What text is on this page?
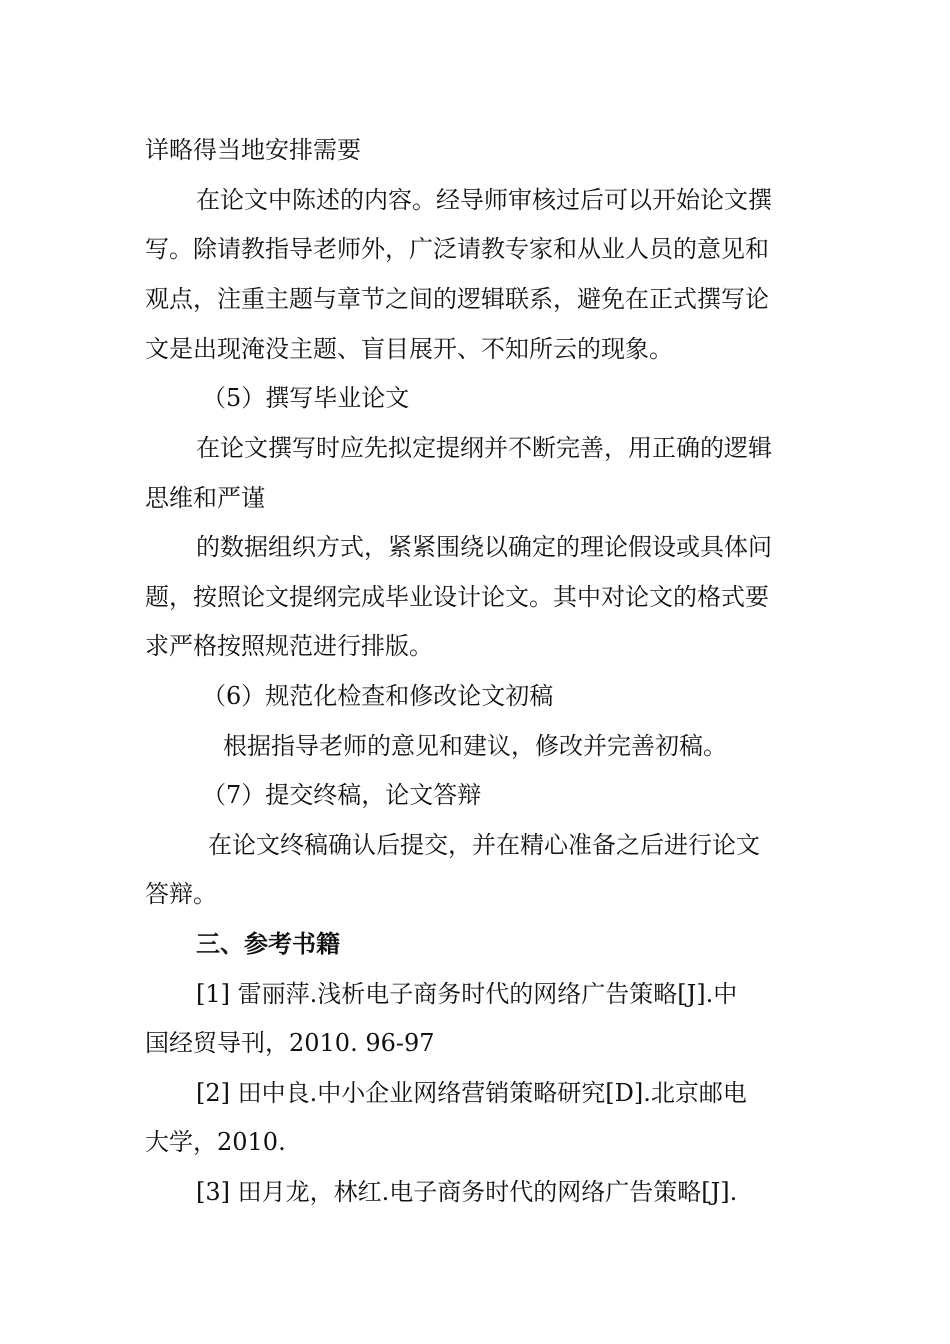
详略得当地安排需要

在论文中陈述的内容。经导师审核过后可以开始论文撰

写。除请教指导老师外，广泛请教专家和从业人员的意见和

观点，注重主题与章节之间的逻辑联系，避免在正式撰写论

文是出现淹没主题、盲目展开、不知所云的现象。

（5）撰写毕业论文

在论文撰写时应先拟定提纲并不断完善，用正确的逻辑

思维和严谨

的数据组织方式，紧紧围绕以确定的理论假设或具体问

题，按照论文提纲完成毕业设计论文。其中对论文的格式要

求严格按照规范进行排版。

（6）规范化检查和修改论文初稿

根据指导老师的意见和建议，修改并完善初稿。

（7）提交终稿，论文答辩

在论文终稿确认后提交，并在精心准备之后进行论文

答辩。

三、参考书籍

[1] 雷丽萍.浅析电子商务时代的网络广告策略[J].中

国经贸导刊，2010. 96-97

[2] 田中良.中小企业网络营销策略研究[D].北京邮电

大学，2010.

[3] 田月龙，林红.电子商务时代的网络广告策略[J].
